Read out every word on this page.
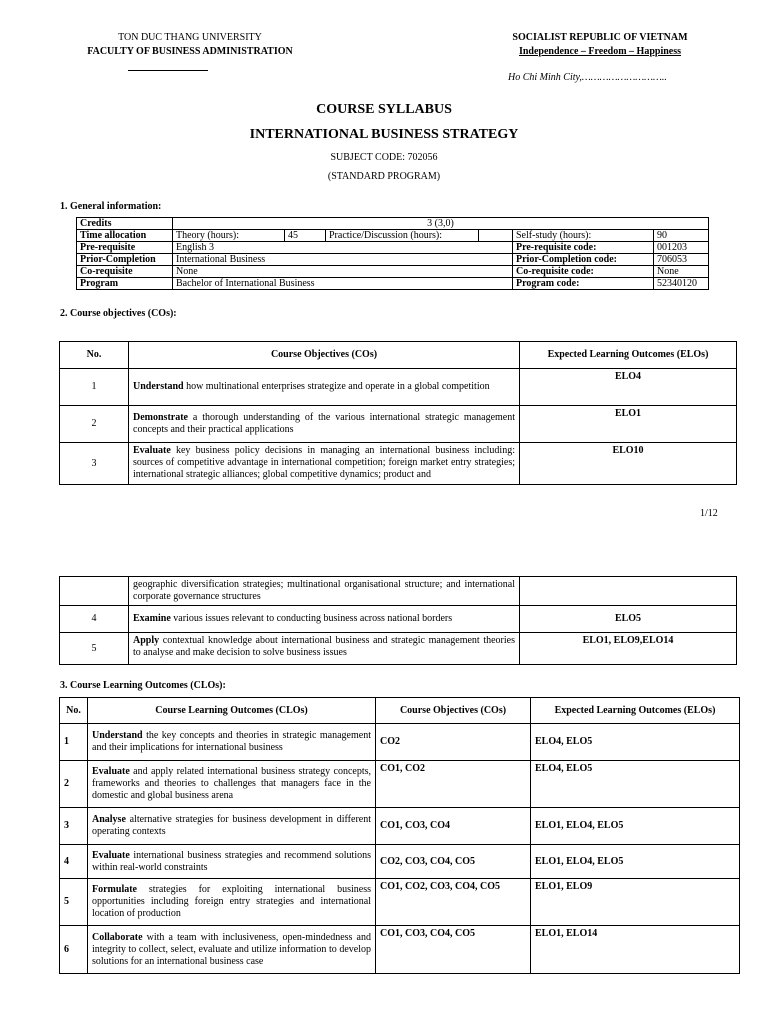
TON DUC THANG UNIVERSITY
FACULTY OF BUSINESS ADMINISTRATION
SOCIALIST REPUBLIC OF VIETNAM
Independence – Freedom – Happiness
Ho Chi Minh City,………………………..
COURSE SYLLABUS
INTERNATIONAL BUSINESS STRATEGY
SUBJECT CODE: 702056
(STANDARD PROGRAM)
1. General information:
Credits	3 (3,0)					
Time allocation	Theory (hours):	45	Practice/Discussion (hours):		Self-study (hours):	90
Pre-requisite	English 3				Pre-requisite code:	001203
Prior-Completion	International Business				Prior-Completion code:	706053
Co-requisite	None				Co-requisite code:	None
Program	Bachelor of International Business				Program code:	52340120
2. Course objectives (COs):
No.	Course Objectives (COs)	Expected Learning Outcomes (ELOs)
1	Understand how multinational enterprises strategize and operate in a global competition	ELO4
2	Demonstrate a thorough understanding of the various international strategic management concepts and their practical applications	ELO1
3	Evaluate key business policy decisions in managing an international business including: sources of competitive advantage in international competition; foreign market entry strategies; international strategic alliances; global competitive dynamics; product and	ELO10
1/12
	geographic diversification strategies; multinational organisational structure; and international corporate governance structures	
4	Examine various issues relevant to conducting business across national borders	ELO5
5	Apply contextual knowledge about international business and strategic management theories to analyse and make decision to solve business issues	ELO1, ELO9,ELO14
3. Course Learning Outcomes (CLOs):
No.	Course Learning Outcomes (CLOs)	Course Objectives (COs)	Expected Learning Outcomes (ELOs)
1	Understand the key concepts and theories in strategic management and their implications for international business	CO2	ELO4, ELO5
2	Evaluate and apply related international business strategy concepts, frameworks and theories to challenges that managers face in the domestic and global business arena	CO1, CO2	ELO4, ELO5
3	Analyse alternative strategies for business development in different operating contexts	CO1, CO3, CO4	ELO1, ELO4, ELO5
4	Evaluate international business strategies and recommend solutions within real-world constraints	CO2, CO3, CO4, CO5	ELO1, ELO4, ELO5
5	Formulate strategies for exploiting international business opportunities including foreign entry strategies and international location of production	CO1, CO2, CO3, CO4, CO5	ELO1, ELO9
6	Collaborate with a team with inclusiveness, open-mindedness and integrity to collect, select, evaluate and utilize information to develop solutions for an international business case	CO1, CO3, CO4, CO5	ELO1, ELO14
